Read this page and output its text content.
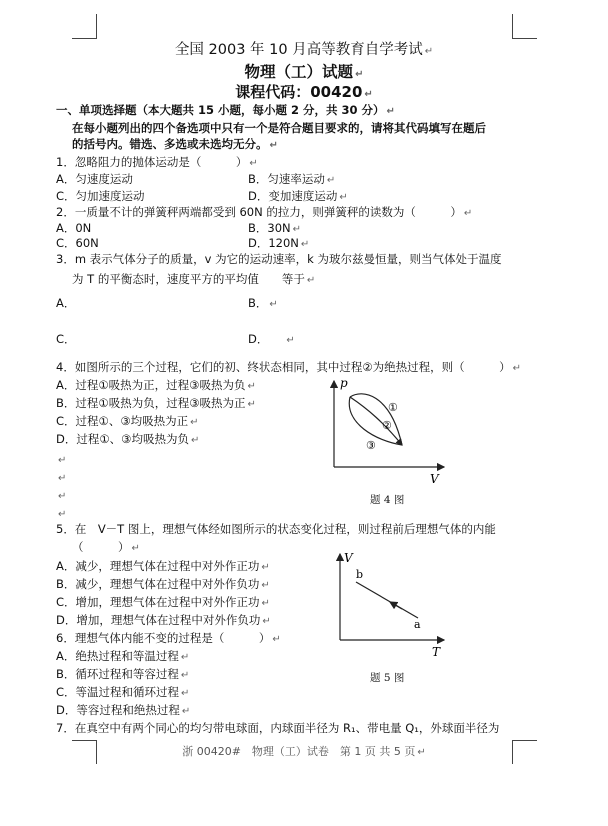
全国 2003 年 10 月高等教育自学考试 ↵
物理（工）试题 ↵
课程代码：00420 ↵
一、单项选择题（本大题共 15 小题，每小题 2 分，共 30 分） ↵
在每小题列出的四个备选项中只有一个是符合题目要求的，请将其代码填写在题后
的括号内。错选、多选或未选均无分。 ↵
1．忽略阻力的抛体运动是（　　　） ↵
A．匀速度运动	B．匀速率运动 ↵
C．匀加速度运动	D．变加速度运动 ↵
2．一质量不计的弹簧秤两端都受到 60N 的拉力，则弹簧秤的读数为（　　　） ↵
A．0N	B．30N ↵
C．60N	D．120N ↵
3．m 表示气体分子的质量，v 为它的运动速率，k 为玻尔兹曼恒量，则当气体处于温度
为 T 的平衡态时，速度平方的平均值　　等于 ↵
A．	B． ↵
C．	D． ↵
4．如图所示的三个过程，它们的初、终状态相同，其中过程②为绝热过程，则（　　　） ↵
A．过程①吸热为正，过程③吸热为负 ↵
B．过程①吸热为负，过程③吸热为正 ↵
C．过程①、③均吸热为正 ↵
D．过程①、③均吸热为负 ↵
↵
↵
↵
↵
p
V
①
②
③
题 4 图
5．在　V－T 图上，理想气体经如图所示的状态变化过程，则过程前后理想气体的内能
（　　　） ↵
A．减少，理想气体在过程中对外作正功 ↵
B．减少，理想气体在过程中对外作负功 ↵
C．增加，理想气体在过程中对外作正功 ↵
D．增加，理想气体在过程中对外作负功 ↵
V
T
b
a
题 5 图
6．理想气体内能不变的过程是（　　　） ↵
A．绝热过程和等温过程 ↵
B．循环过程和等容过程 ↵
C．等温过程和循环过程 ↵
D．等容过程和绝热过程 ↵
7．在真空中有两个同心的均匀带电球面，内球面半径为 R₁、带电量 Q₁，外球面半径为
浙 00420#　物理（工）试卷　第 1 页 共 5 页 ↵
